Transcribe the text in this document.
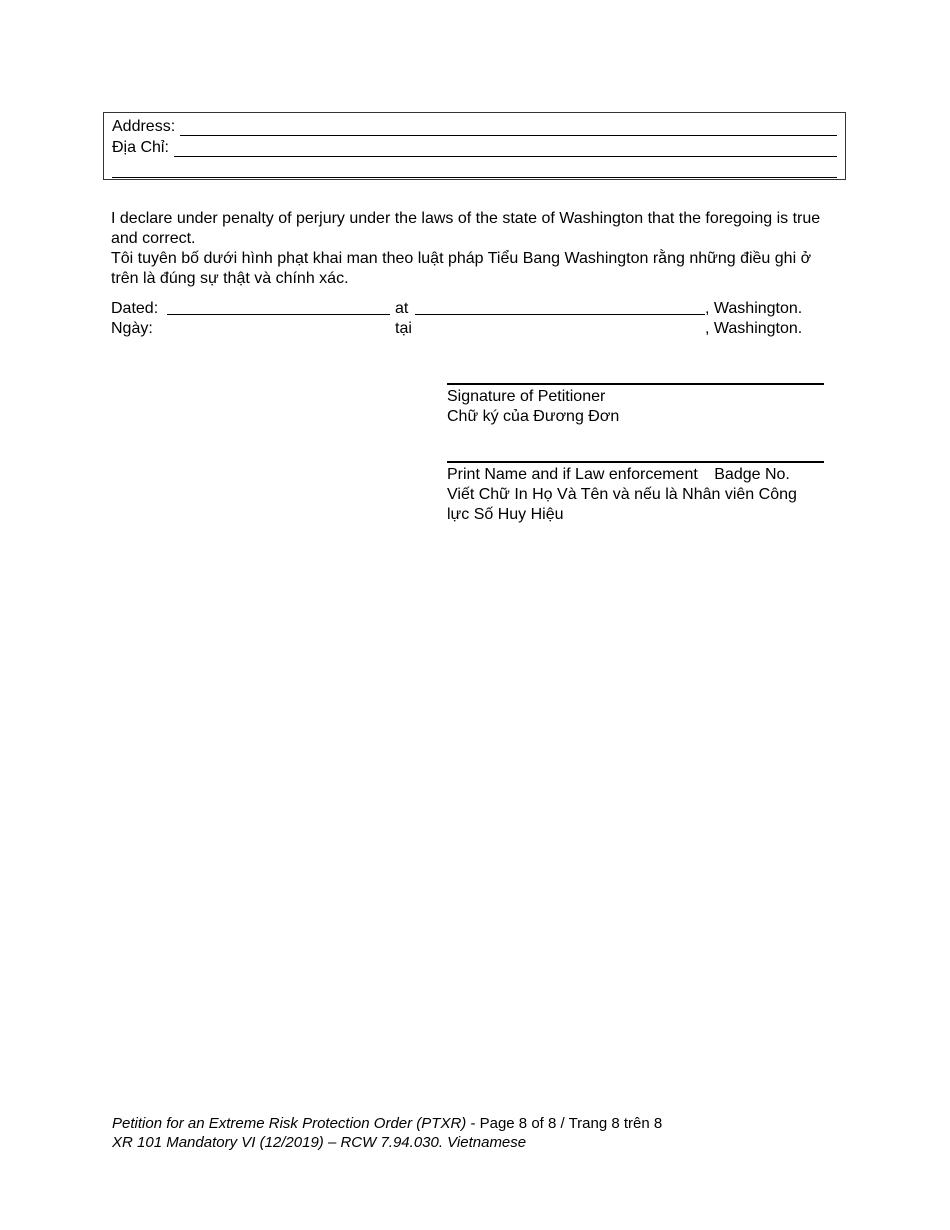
Address:
Địa Chỉ:

I declare under penalty of perjury under the laws of the state of Washington that the foregoing is true and correct.

Tôi tuyên bố dưới hình phạt khai man theo luật pháp Tiểu Bang Washington rằng những điều ghi ở trên là đúng sự thật và chính xác.

Dated:	at	, Washington.
Ngày:	tại	, Washington.
Signature of Petitioner
Chữ ký của Đương Đơn
Print Name and if Law enforcement Badge No.
Viết Chữ In Họ Và Tên và nếu là Nhân viên Công
lực Số Huy Hiệu
Petition for an Extreme Risk Protection Order (PTXR) - Page 8 of 8 / Trang 8 trên 8
XR 101 Mandatory VI (12/2019) – RCW 7.94.030. Vietnamese
